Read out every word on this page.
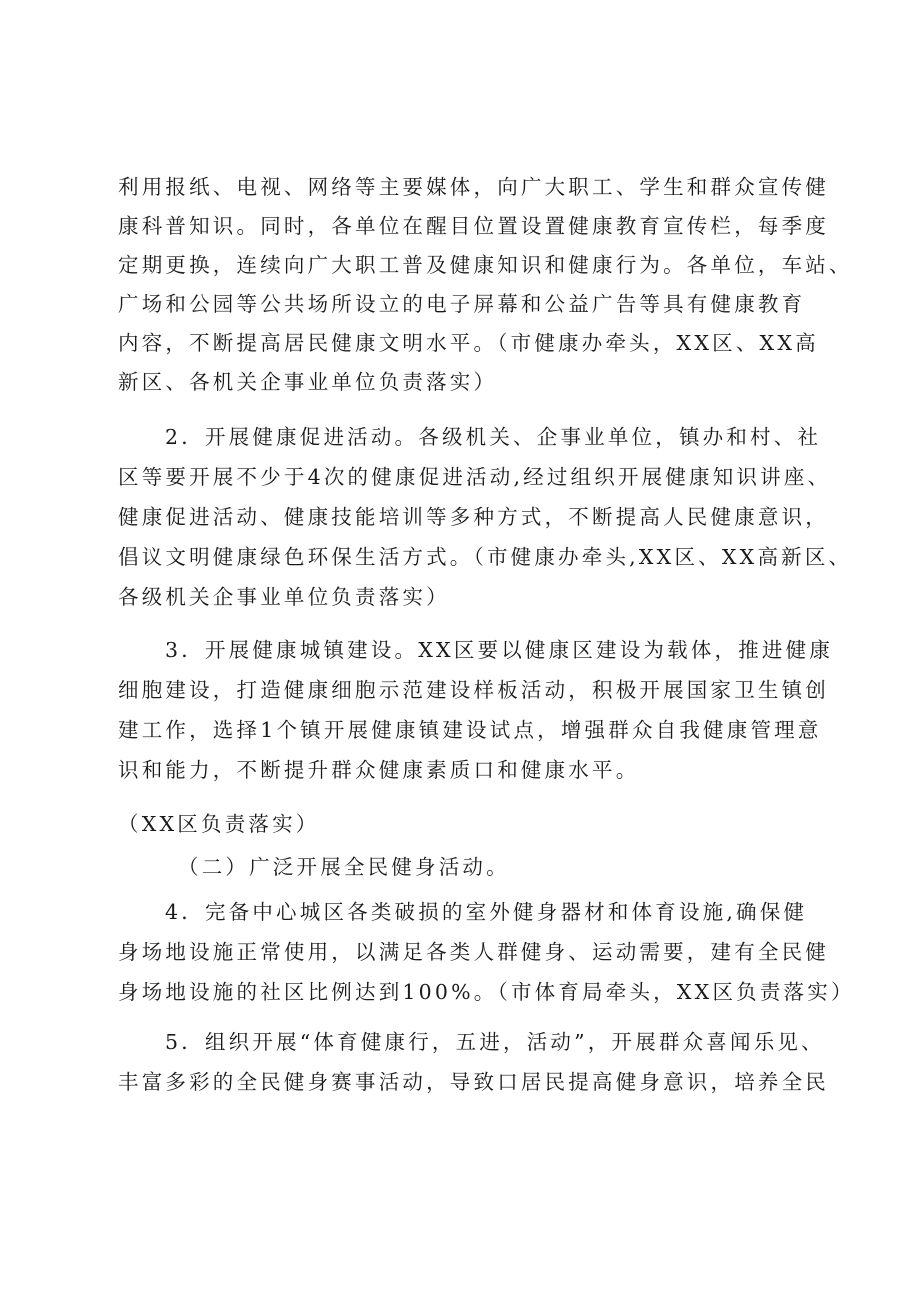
利用报纸、电视、网络等主要媒体，向广大职工、学生和群众宣传健
康科普知识。同时，各单位在醒目位置设置健康教育宣传栏，每季度
定期更换，连续向广大职工普及健康知识和健康行为。各单位，车站、
广场和公园等公共场所设立的电子屏幕和公益广告等具有健康教育
内容，不断提高居民健康文明水平。（市健康办牵头，XX区、XX高
新区、各机关企事业单位负责落实）
2．开展健康促进活动。各级机关、企事业单位，镇办和村、社
区等要开展不少于4次的健康促进活动,经过组织开展健康知识讲座、
健康促进活动、健康技能培训等多种方式，不断提高人民健康意识，
倡议文明健康绿色环保生活方式。（市健康办牵头,XX区、XX高新区、
各级机关企事业单位负责落实）
3．开展健康城镇建设。XX区要以健康区建设为载体，推进健康
细胞建设，打造健康细胞示范建设样板活动，积极开展国家卫生镇创
建工作，选择1个镇开展健康镇建设试点，增强群众自我健康管理意
识和能力，不断提升群众健康素质口和健康水平。
（XX区负责落实）
（二）广泛开展全民健身活动。
4．完备中心城区各类破损的室外健身器材和体育设施,确保健
身场地设施正常使用，以满足各类人群健身、运动需要，建有全民健
身场地设施的社区比例达到100%。（市体育局牵头，XX区负责落实）
5．组织开展“体育健康行，五进，活动”，开展群众喜闻乐见、
丰富多彩的全民健身赛事活动，导致口居民提高健身意识，培养全民
